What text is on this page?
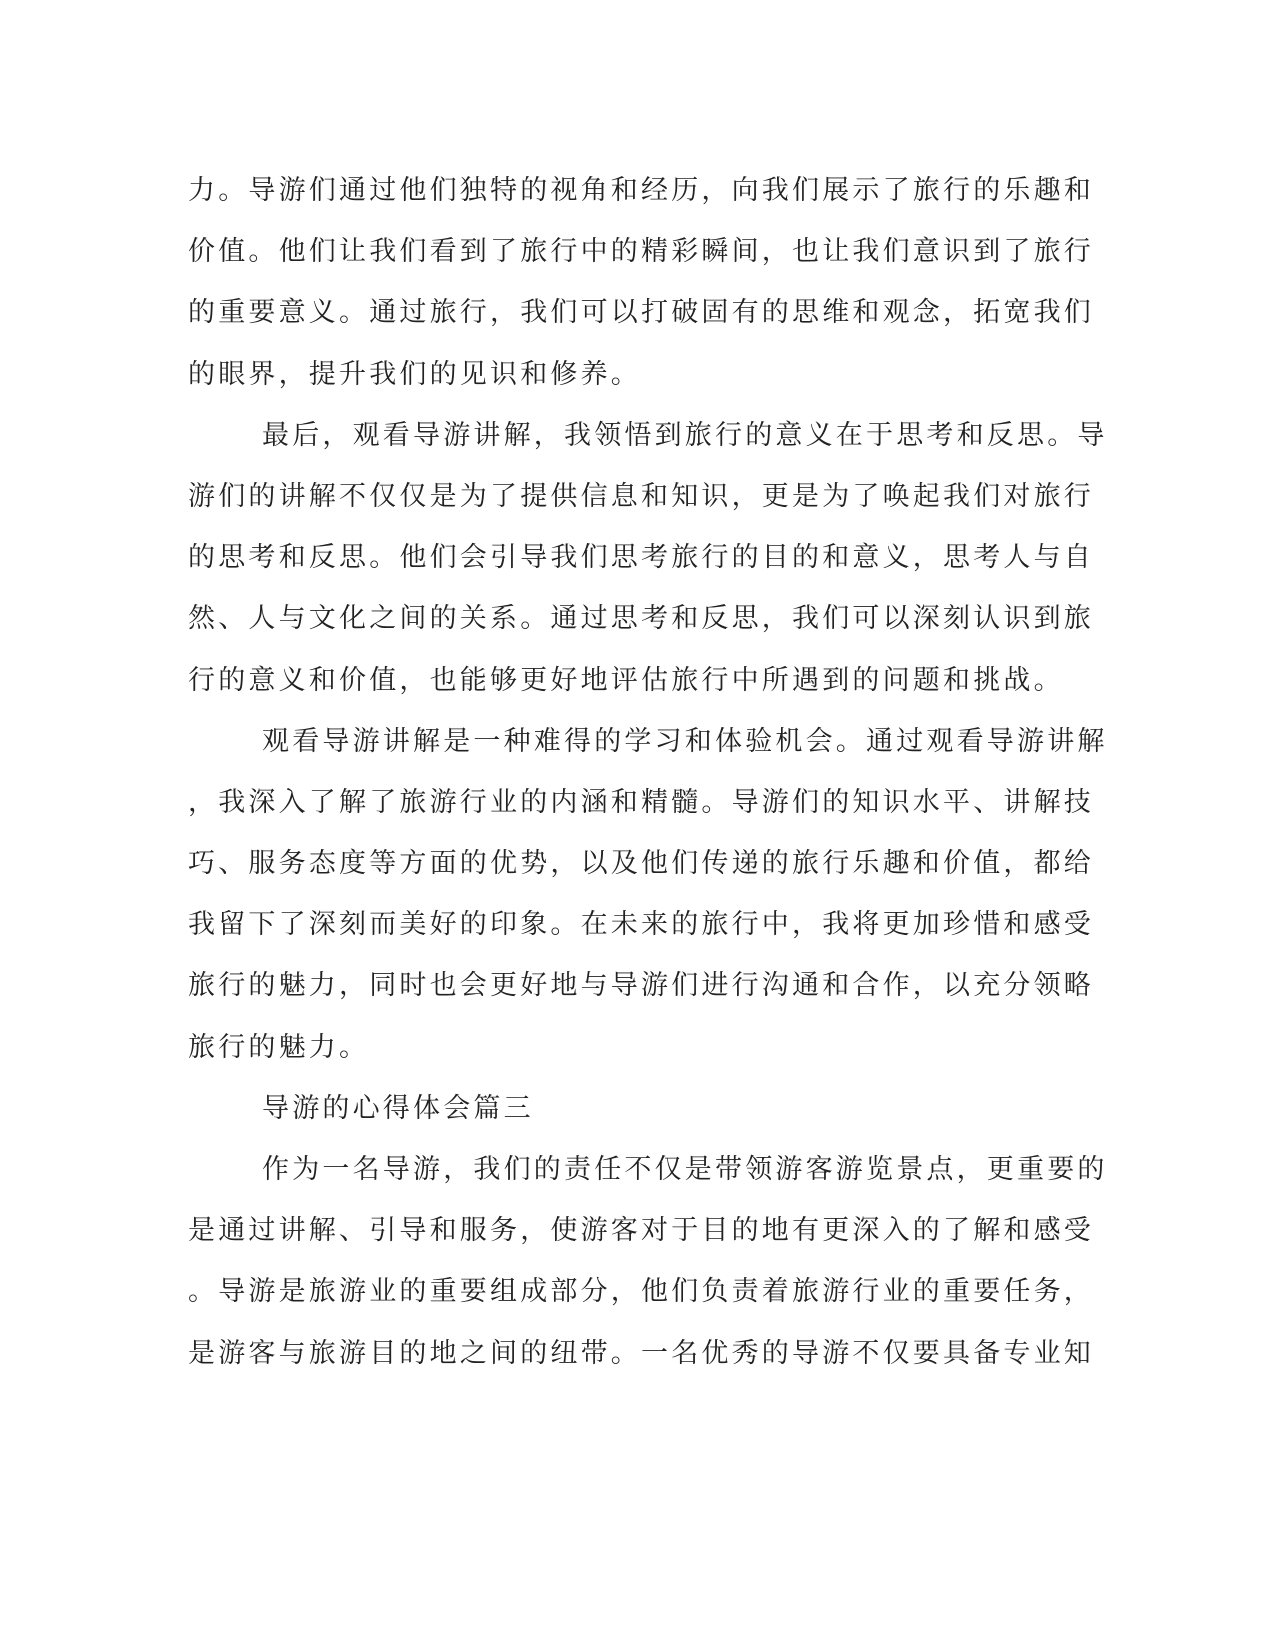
力。导游们通过他们独特的视角和经历，向我们展示了旅行的乐趣和
价值。他们让我们看到了旅行中的精彩瞬间，也让我们意识到了旅行
的重要意义。通过旅行，我们可以打破固有的思维和观念，拓宽我们
的眼界，提升我们的见识和修养。
最后，观看导游讲解，我领悟到旅行的意义在于思考和反思。导
游们的讲解不仅仅是为了提供信息和知识，更是为了唤起我们对旅行
的思考和反思。他们会引导我们思考旅行的目的和意义，思考人与自
然、人与文化之间的关系。通过思考和反思，我们可以深刻认识到旅
行的意义和价值，也能够更好地评估旅行中所遇到的问题和挑战。
观看导游讲解是一种难得的学习和体验机会。通过观看导游讲解
，我深入了解了旅游行业的内涵和精髓。导游们的知识水平、讲解技
巧、服务态度等方面的优势，以及他们传递的旅行乐趣和价值，都给
我留下了深刻而美好的印象。在未来的旅行中，我将更加珍惜和感受
旅行的魅力，同时也会更好地与导游们进行沟通和合作，以充分领略
旅行的魅力。
导游的心得体会篇三
作为一名导游，我们的责任不仅是带领游客游览景点，更重要的
是通过讲解、引导和服务，使游客对于目的地有更深入的了解和感受
。导游是旅游业的重要组成部分，他们负责着旅游行业的重要任务，
是游客与旅游目的地之间的纽带。一名优秀的导游不仅要具备专业知
